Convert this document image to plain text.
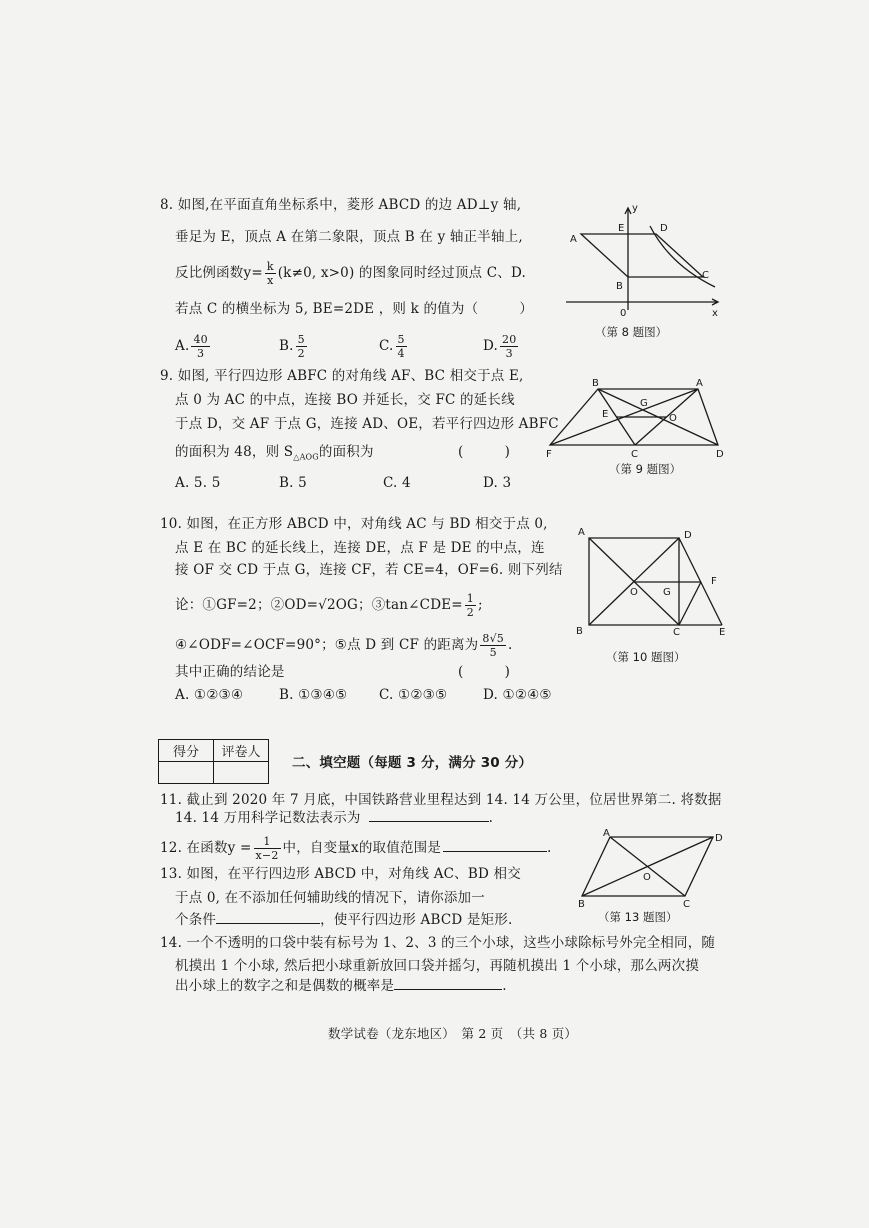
8. 如图,在平面直角坐标系中，菱形 ABCD 的边 AD⊥y 轴,
垂足为 E，顶点 A 在第二象限，顶点 B 在 y 轴正半轴上,
反比例函数$y= \frac{k}{x} (k\ne 0$, x>0) 的图象同时经过顶点 C、D.
若点 C 的横坐标为 5, BE=2DE ，则 k 的值为（　　　）
A. $\frac{40}{3}$	B. $\frac{5}{2}$	C. $\frac{5}{4}$	D. $\frac{20}{3}$
y
x
0
A
E	D
B
C
（第 8 题图）
9. 如图, 平行四边形 ABFC 的对角线 AF、BC 相交于点 E,
点 0 为 AC 的中点，连接 BO 并延长，交 FC 的延长线
于点 D，交 AF 于点 G，连接 AD、OE，若平行四边形 ABFC
的面积为 48，则 $S_{\triangle AOG}$的面积为	(　　　)
A. 5. 5	B. 5	C. 4	D. 3
B	A
E
G
O
F	C	D
（第 9 题图）
10. 如图，在正方形 ABCD 中，对角线 AC 与 BD 相交于点 0,
点 E 在 BC 的延长线上，连接 DE，点 F 是 DE 的中点，连
接 OF 交 CD 于点 G，连接 CF，若 CE=4，OF=6. 则下列结
论：①GF=2；②OD=√2OG；③tan∠CDE= $\frac{1}{2}$ ;
④∠ODF=∠OCF=90°；⑤点 D 到 CF 的距离为 $\frac{8√5}{5}$ .
其中正确的结论是	(　　　)
A. ①②③④	B. ①③④⑤ C. ①②③⑤	D. ①②④⑤
A	D
F
O	G
B	C	E
（第 10 题图）
得分	评卷人

二、填空题（每题 3 分，满分 30 分）
11. 截止到 2020 年 7 月底，中国铁路营业里程达到 14. 14 万公里，位居世界第二. 将数据
14. 14 万用科学记数法表示为	.
12. 在函数$y = \frac{1}{x-2}$ 中，自变量x的取值范围是	.
13. 如图，在平行四边形 ABCD 中，对角线 AC、BD 相交
于点 0, 在不添加任何辅助线的情况下，请你添加一
个条件	，使平行四边形 ABCD 是矩形.
A	D
O
B	C
（第 13 题图）
14. 一个不透明的口袋中装有标号为 1、2、3 的三个小球，这些小球除标号外完全相同，随
机摸出 1 个小球, 然后把小球重新放回口袋并摇匀，再随机摸出 1 个小球，那么两次摸
出小球上的数字之和是偶数的概率是	.
数学试卷（龙东地区）　第 2 页　（共 8 页）
